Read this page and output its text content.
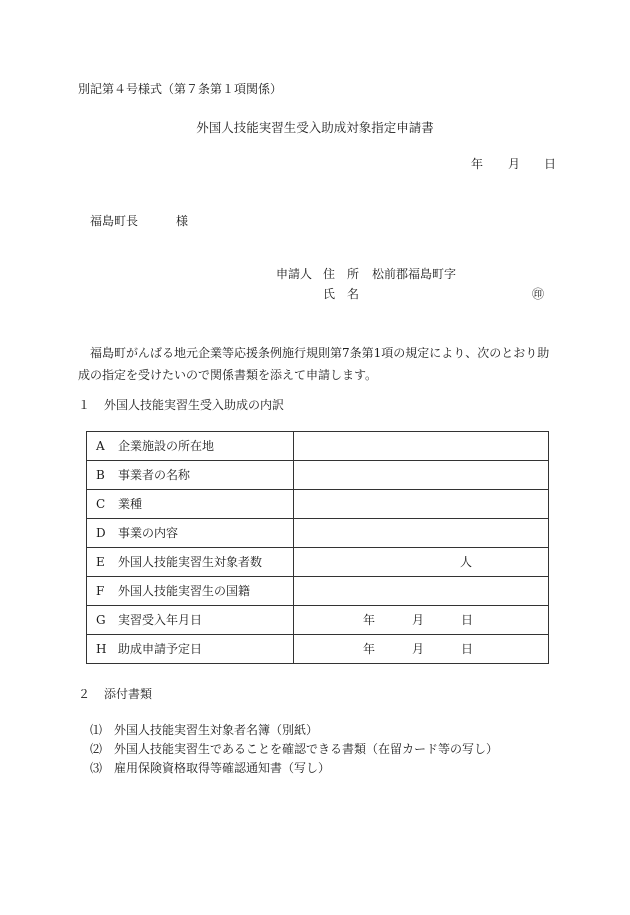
別記第４号様式（第７条第１項関係）
外国人技能実習生受入助成対象指定申請書
年 月 日
福島町長	様
申請人 住　所 松前郡福島町字
氏　名	㊞
福島町がんばる地元企業等応援条例施行規則第7条第1項の規定により、次のとおり助成の指定を受けたいので関係書類を添えて申請します。
１ 外国人技能実習生受入助成の内訳
A 企業施設の所在地	
B 事業者の名称	
C 業種	
D 事業の内容	
E 外国人技能実習生対象者数	人

F 外国人技能実習生の国籍	
G 実習受入年月日	年 月 日

H 助成申請予定日	年 月 日
２ 添付書類
⑴　外国人技能実習生対象者名簿（別紙）
⑵　外国人技能実習生であることを確認できる書類（在留カード等の写し）
⑶　雇用保険資格取得等確認通知書（写し）
